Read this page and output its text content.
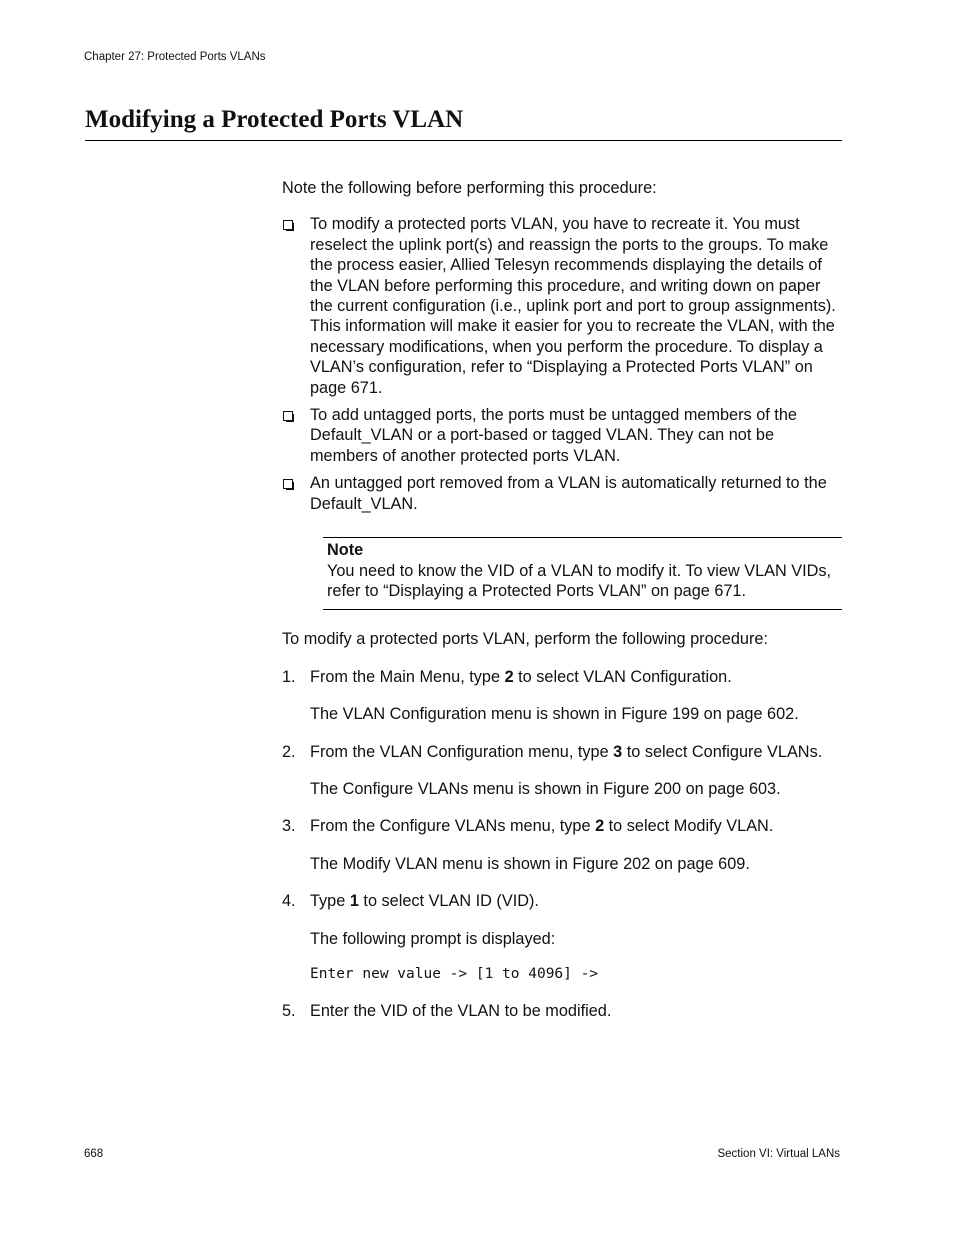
Chapter 27: Protected Ports VLANs
Modifying a Protected Ports VLAN

Note the following before performing this procedure:

To modify a protected ports VLAN, you have to recreate it. You must reselect the uplink port(s) and reassign the ports to the groups. To make the process easier, Allied Telesyn recommends displaying the details of the VLAN before performing this procedure, and writing down on paper the current configuration (i.e., uplink port and port to group assignments). This information will make it easier for you to recreate the VLAN, with the necessary modifications, when you perform the procedure. To display a VLAN’s configuration, refer to “Displaying a Protected Ports VLAN” on page 671.
To add untagged ports, the ports must be untagged members of the Default_VLAN or a port-based or tagged VLAN. They can not be members of another protected ports VLAN.
An untagged port removed from a VLAN is automatically returned to the Default_VLAN.

Note

You need to know the VID of a VLAN to modify it. To view VLAN VIDs, refer to “Displaying a Protected Ports VLAN” on page 671.

To modify a protected ports VLAN, perform the following procedure:

1. From the Main Menu, type 2 to select VLAN Configuration.

The VLAN Configuration menu is shown in Figure 199 on page 602.

2. From the VLAN Configuration menu, type 3 to select Configure VLANs.

The Configure VLANs menu is shown in Figure 200 on page 603.

3. From the Configure VLANs menu, type 2 to select Modify VLAN.

The Modify VLAN menu is shown in Figure 202 on page 609.

4. Type 1 to select VLAN ID (VID).

The following prompt is displayed:

Enter new value -> [1 to 4096] ->

5. Enter the VID of the VLAN to be modified.

668	Section VI: Virtual LANs
